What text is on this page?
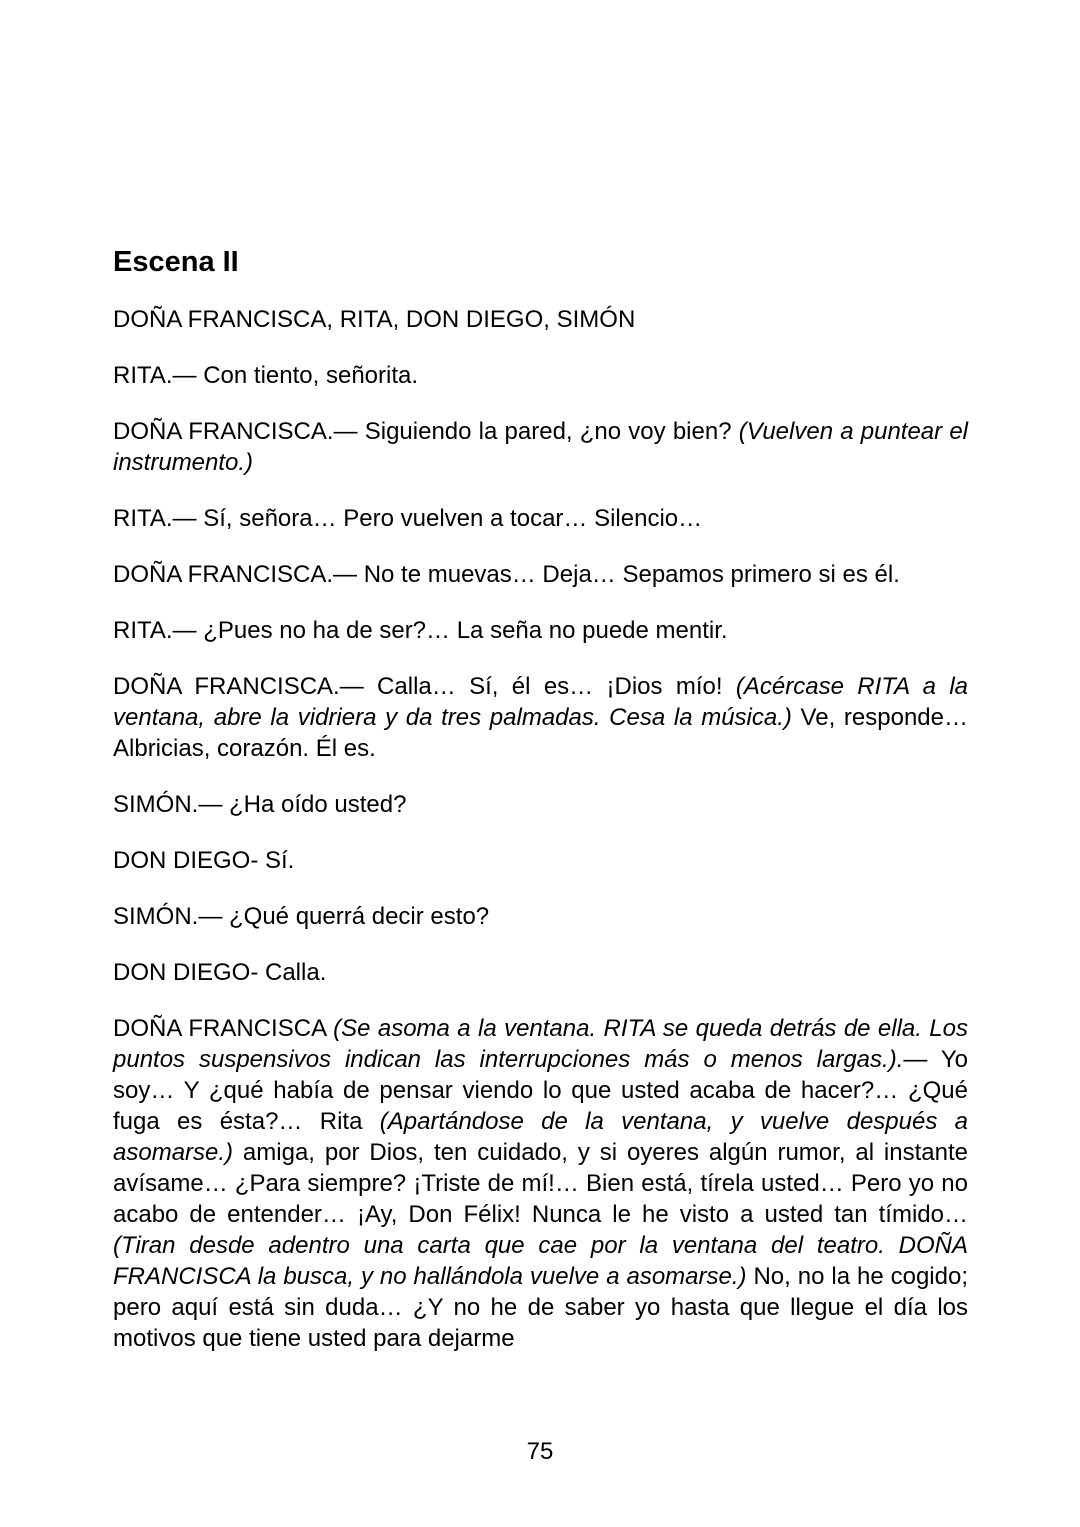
Escena II
DOÑA FRANCISCA, RITA, DON DIEGO, SIMÓN
RITA.— Con tiento, señorita.
DOÑA FRANCISCA.— Siguiendo la pared, ¿no voy bien? (Vuelven a puntear el instrumento.)
RITA.— Sí, señora… Pero vuelven a tocar… Silencio…
DOÑA FRANCISCA.— No te muevas… Deja… Sepamos primero si es él.
RITA.— ¿Pues no ha de ser?… La seña no puede mentir.
DOÑA FRANCISCA.— Calla… Sí, él es… ¡Dios mío! (Acércase RITA a la ventana, abre la vidriera y da tres palmadas. Cesa la música.) Ve, responde… Albricias, corazón. Él es.
SIMÓN.— ¿Ha oído usted?
DON DIEGO- Sí.
SIMÓN.— ¿Qué querrá decir esto?
DON DIEGO- Calla.
DOÑA FRANCISCA (Se asoma a la ventana. RITA se queda detrás de ella. Los puntos suspensivos indican las interrupciones más o menos largas.).— Yo soy… Y ¿qué había de pensar viendo lo que usted acaba de hacer?… ¿Qué fuga es ésta?… Rita (Apartándose de la ventana, y vuelve después a asomarse.) amiga, por Dios, ten cuidado, y si oyeres algún rumor, al instante avísame… ¿Para siempre? ¡Triste de mí!… Bien está, tírela usted… Pero yo no acabo de entender… ¡Ay, Don Félix! Nunca le he visto a usted tan tímido… (Tiran desde adentro una carta que cae por la ventana del teatro. DOÑA FRANCISCA la busca, y no hallándola vuelve a asomarse.) No, no la he cogido; pero aquí está sin duda… ¿Y no he de saber yo hasta que llegue el día los motivos que tiene usted para dejarme
75
